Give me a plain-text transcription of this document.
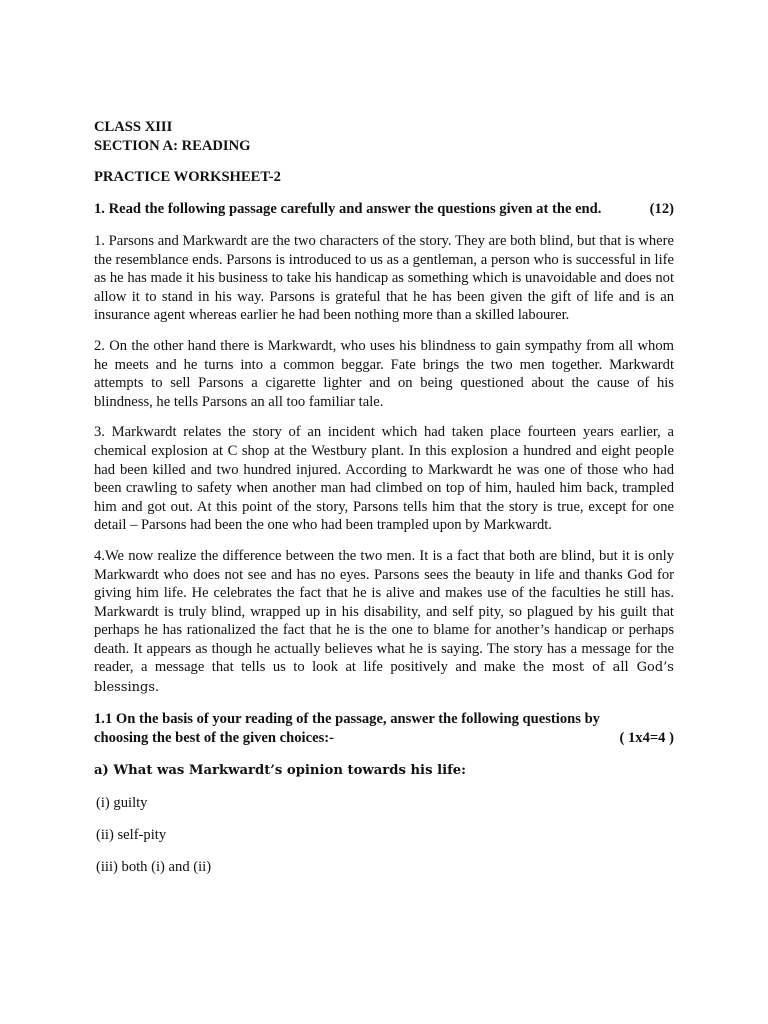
CLASS XIII
SECTION A: READING
PRACTICE WORKSHEET-2
1. Read the following passage carefully and answer the questions given at the end.	(12)

1. Parsons and Markwardt are the two characters of the story. They are both blind, but that is where the resemblance ends. Parsons is introduced to us as a gentleman, a person who is successful in life as he has made it his business to take his handicap as something which is unavoidable and does not allow it to stand in his way. Parsons is grateful that he has been given the gift of life and is an insurance agent whereas earlier he had been nothing more than a skilled labourer.

2. On the other hand there is Markwardt, who uses his blindness to gain sympathy from all whom he meets and he turns into a common beggar. Fate brings the two men together. Markwardt attempts to sell Parsons a cigarette lighter and on being questioned about the cause of his blindness, he tells Parsons an all too familiar tale.

3. Markwardt relates the story of an incident which had taken place fourteen years earlier, a chemical explosion at C shop at the Westbury plant. In this explosion a hundred and eight people had been killed and two hundred injured. According to Markwardt he was one of those who had been crawling to safety when another man had climbed on top of him, hauled him back, trampled him and got out. At this point of the story, Parsons tells him that the story is true, except for one detail – Parsons had been the one who had been trampled upon by Markwardt.

4.We now realize the difference between the two men. It is a fact that both are blind, but it is only Markwardt who does not see and has no eyes. Parsons sees the beauty in life and thanks God for giving him life. He celebrates the fact that he is alive and makes use of the faculties he still has. Markwardt is truly blind, wrapped up in his disability, and self pity, so plagued by his guilt that perhaps he has rationalized the fact that he is the one to blame for another’s handicap or perhaps death. It appears as though he actually believes what he is saying. The story has a message for the reader, a message that tells us to look at life positively and make the most of all God’s blessings.

1.1 On the basis of your reading of the passage, answer the following questions by
choosing the best of the given choices:-	( 1x4=4 )
a) What was Markwardt’s opinion towards his life:
(i) guilty
(ii) self-pity
(iii) both (i) and (ii)
